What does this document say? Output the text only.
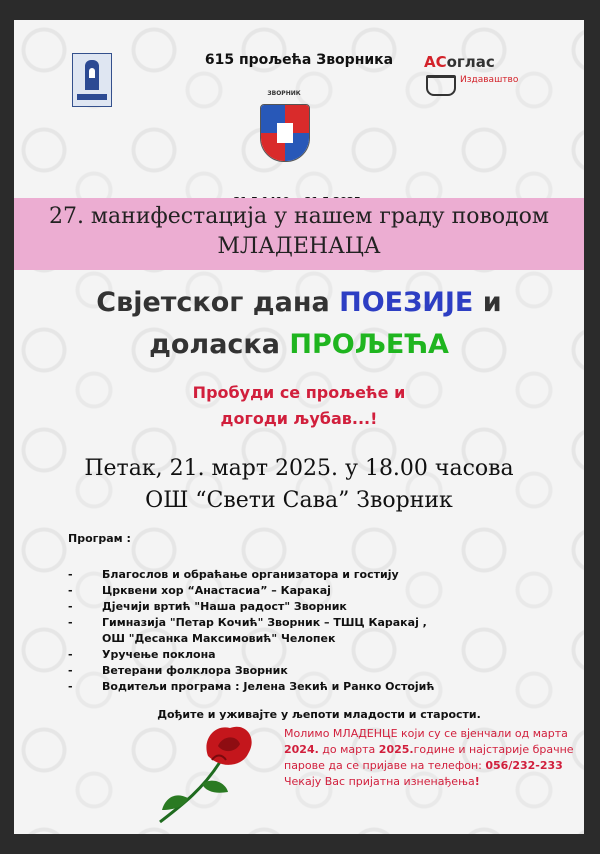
615 прољећа Зворника	АСоглас
Издаваштво
ЗВОРНИК
27. манифестација у нашем граду поводом
МЛАДЕНАЦА
Свјетског дана ПОЕЗИЈЕ и
доласка ПРОЉЕЋА
Пробуди се прољеће и
догоди љубав...!
Петак, 21. март 2025. у 18.00 часова
ОШ “Свети Сава” Зворник
Програм :
-	Благослов и обраћање организатора и гостију
-	Црквени хор “Анастасиа” – Каракај
-	Дјечији вртић "Наша радост" Зворник
-	Гимназија "Петар Кочић" Зворник – ТШЦ Каракај ,
ОШ "Десанка Максимовић" Челопек
-	Уручење поклона
-	Ветерани фолклора Зворник
-	Водитељи програма : Јелена Зекић и Ранко Остојић
Дођите и уживајте у љепоти младости и старости.
Молимо МЛАДЕНЦЕ који су се вјенчали од марта 2024. до марта 2025.године и најстарије брачне парове да се пријаве на телефон: 056/232-233
Чекају Вас пријатна изненађења!
